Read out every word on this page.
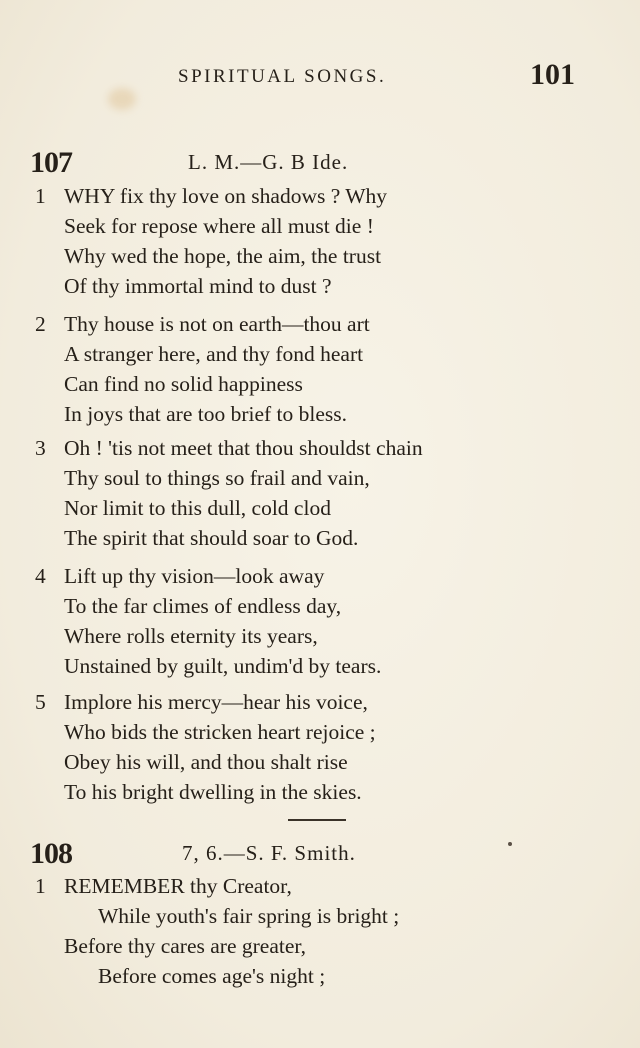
SPIRITUAL SONGS.	101
107	L. M.—G. B Ide.
1 WHY fix thy love on shadows ? Why
Seek for repose where all must die !
Why wed the hope, the aim, the trust
Of thy immortal mind to dust ?
2 Thy house is not on earth—thou art
A stranger here, and thy fond heart
Can find no solid happiness
In joys that are too brief to bless.
3 Oh ! 'tis not meet that thou shouldst chain
Thy soul to things so frail and vain,
Nor limit to this dull, cold clod
The spirit that should soar to God.
4 Lift up thy vision—look away
To the far climes of endless day,
Where rolls eternity its years,
Unstained by guilt, undim'd by tears.
5 Implore his mercy—hear his voice,
Who bids the stricken heart rejoice ;
Obey his will, and thou shalt rise
To his bright dwelling in the skies.
108	7, 6.—S. F. Smith.
1 REMEMBER thy Creator,
While youth's fair spring is bright ;
Before thy cares are greater,
Before comes age's night ;
